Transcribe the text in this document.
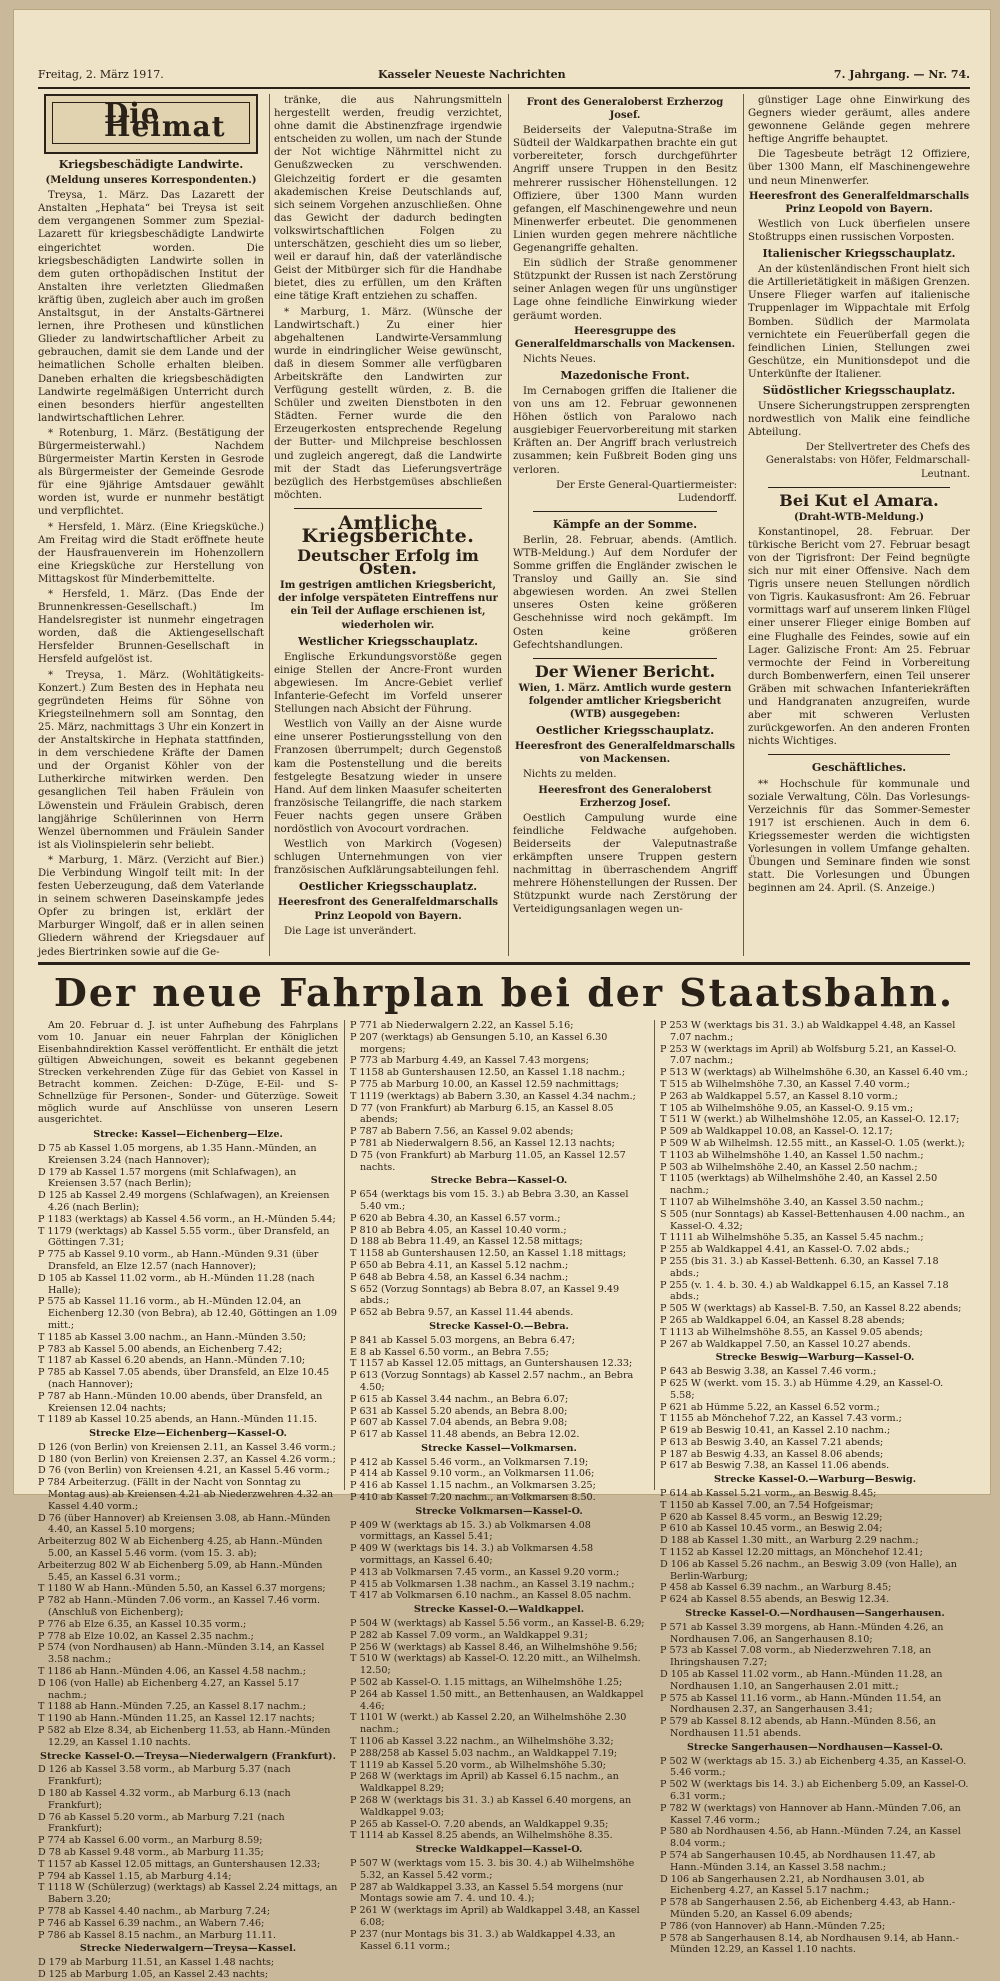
Freitag, 2. März 1917.	Kasseler Neueste Nachrichten	7. Jahrgang. — Nr. 74.
Die Heimat
Kriegsbeschädigte Landwirte.
(Meldung unseres Korrespondenten.)

Treysa, 1. März. Das Lazarett der Anstalten „Hephata“ bei Treysa ist seit dem vergangenen Sommer zum Spezial-Lazarett für kriegsbeschädigte Landwirte eingerichtet worden. Die kriegsbeschädigten Landwirte sollen in dem guten orthopädischen Institut der Anstalten ihre verletzten Gliedmaßen kräftig üben, zugleich aber auch im großen Anstaltsgut, in der Anstalts-Gärtnerei lernen, ihre Prothesen und künstlichen Glieder zu landwirtschaftlicher Arbeit zu gebrauchen, damit sie dem Lande und der heimatlichen Scholle erhalten bleiben. Daneben erhalten die kriegsbeschädigten Landwirte regelmäßigen Unterricht durch einen besonders hierfür angestellten landwirtschaftlichen Lehrer.

* Rotenburg, 1. März. (Bestätigung der Bürgermeisterwahl.) Nachdem Bürgermeister Martin Kersten in Gesrode als Bürgermeister der Gemeinde Gesrode für eine 9jährige Amtsdauer gewählt worden ist, wurde er nunmehr bestätigt und verpflichtet.

* Hersfeld, 1. März. (Eine Kriegsküche.) Am Freitag wird die Stadt eröffnete heute der Hausfrauenverein im Hohenzollern eine Kriegsküche zur Herstellung von Mittagskost für Minderbemittelte.

* Hersfeld, 1. März. (Das Ende der Brunnenkressen-Gesellschaft.) Im Handelsregister ist nunmehr eingetragen worden, daß die Aktiengesellschaft Hersfelder Brunnen-Gesellschaft in Hersfeld aufgelöst ist.

* Treysa, 1. März. (Wohltätigkeits-Konzert.) Zum Besten des in Hephata neu gegründeten Heims für Söhne von Kriegsteilnehmern soll am Sonntag, den 25. März, nachmittags 3 Uhr ein Konzert in der Anstaltskirche in Hephata stattfinden, in dem verschiedene Kräfte der Damen und der Organist Köhler von der Lutherkirche mitwirken werden. Den gesanglichen Teil haben Fräulein von Löwenstein und Fräulein Grabisch, deren langjährige Schülerinnen von Herrn Wenzel übernommen und Fräulein Sander ist als Violinspielerin sehr beliebt.

* Marburg, 1. März. (Verzicht auf Bier.) Die Verbindung Wingolf teilt mit: In der festen Ueberzeugung, daß dem Vaterlande in seinem schweren Daseinskampfe jedes Opfer zu bringen ist, erklärt der Marburger Wingolf, daß er in allen seinen Gliedern während der Kriegsdauer auf jedes Biertrinken sowie auf die Ge-

tränke, die aus Nahrungsmitteln hergestellt werden, freudig verzichtet, ohne damit die Abstinenzfrage irgendwie entscheiden zu wollen, um nach der Stunde der Not wichtige Nährmittel nicht zu Genußzwecken zu verschwenden. Gleichzeitig fordert er die gesamten akademischen Kreise Deutschlands auf, sich seinem Vorgehen anzuschließen. Ohne das Gewicht der dadurch bedingten volkswirtschaftlichen Folgen zu unterschätzen, geschieht dies um so lieber, weil er darauf hin, daß der vaterländische Geist der Mitbürger sich für die Handhabe bietet, dies zu erfüllen, um den Kräften eine tätige Kraft entziehen zu schaffen.

* Marburg, 1. März. (Wünsche der Landwirtschaft.) Zu einer hier abgehaltenen Landwirte-Versammlung wurde in eindringlicher Weise gewünscht, daß in diesem Sommer alle verfügbaren Arbeitskräfte den Landwirten zur Verfügung gestellt würden, z. B. die Schüler und zweiten Dienstboten in den Städten. Ferner wurde die den Erzeugerkosten entsprechende Regelung der Butter- und Milchpreise beschlossen und zugleich angeregt, daß die Landwirte mit der Stadt das Lieferungsverträge bezüglich des Herbstgemüses abschließen möchten.

Amtliche Kriegsberichte.
Deutscher Erfolg im Osten.
Im gestrigen amtlichen Kriegsbericht, der infolge verspäteten Eintreffens nur ein Teil der Auflage erschienen ist, wiederholen wir.
Westlicher Kriegsschauplatz.

Englische Erkundungsvorstöße gegen einige Stellen der Ancre-Front wurden abgewiesen. Im Ancre-Gebiet verlief Infanterie-Gefecht im Vorfeld unserer Stellungen nach Absicht der Führung.

Westlich von Vailly an der Aisne wurde eine unserer Postierungsstellung von den Franzosen überrumpelt; durch Gegenstoß kam die Postenstellung und die bereits festgelegte Besatzung wieder in unsere Hand. Auf dem linken Maasufer scheiterten französische Teilangriffe, die nach starkem Feuer nachts gegen unsere Gräben nordöstlich von Avocourt vordrachen.

Westlich von Markirch (Vogesen) schlugen Unternehmungen von vier französischen Aufklärungsabteilungen fehl.

Oestlicher Kriegsschauplatz.
Heeresfront des Generalfeldmarschalls Prinz Leopold von Bayern.

Die Lage ist unverändert.

Front des Generaloberst Erzherzog Josef.

Beiderseits der Valeputna-Straße im Südteil der Waldkarpathen brachte ein gut vorbereiteter, forsch durchgeführter Angriff unsere Truppen in den Besitz mehrerer russischer Höhenstellungen. 12 Offiziere, über 1300 Mann wurden gefangen, elf Maschinengewehre und neun Minenwerfer erbeutet. Die genommenen Linien wurden gegen mehrere nächtliche Gegenangriffe gehalten.

Ein südlich der Straße genommener Stützpunkt der Russen ist nach Zerstörung seiner Anlagen wegen für uns ungünstiger Lage ohne feindliche Einwirkung wieder geräumt worden.

Heeresgruppe des Generalfeldmarschalls von Mackensen.

Nichts Neues.

Mazedonische Front.

Im Cernabogen griffen die Italiener die von uns am 12. Februar gewonnenen Höhen östlich von Paralowo nach ausgiebiger Feuervorbereitung mit starken Kräften an. Der Angriff brach verlustreich zusammen; kein Fußbreit Boden ging uns verloren.

Der Erste General-Quartiermeister: Ludendorff.
Kämpfe an der Somme.

Berlin, 28. Februar, abends. (Amtlich. WTB-Meldung.) Auf dem Nordufer der Somme griffen die Engländer zwischen le Transloy und Gailly an. Sie sind abgewiesen worden. An zwei Stellen unseres Osten keine größeren Geschehnisse wird noch gekämpft. Im Osten keine größeren Gefechtshandlungen.

Der Wiener Bericht.
Wien, 1. März. Amtlich wurde gestern folgender amtlicher Kriegsbericht (WTB) ausgegeben:
Oestlicher Kriegsschauplatz.
Heeresfront des Generalfeldmarschalls von Mackensen.

Nichts zu melden.

Heeresfront des Generaloberst Erzherzog Josef.

Oestlich Campulung wurde eine feindliche Feldwache aufgehoben. Beiderseits der Valeputnastraße erkämpften unsere Truppen gestern nachmittag in überraschendem Angriff mehrere Höhenstellungen der Russen. Der Stützpunkt wurde nach Zerstörung der Verteidigungsanlagen wegen un-

günstiger Lage ohne Einwirkung des Gegners wieder geräumt, alles andere gewonnene Gelände gegen mehrere heftige Angriffe behauptet.

Die Tagesbeute beträgt 12 Offiziere, über 1300 Mann, elf Maschinengewehre und neun Minenwerfer.

Heeresfront des Generalfeldmarschalls Prinz Leopold von Bayern.

Westlich von Luck überfielen unsere Stoßtrupps einen russischen Vorposten.

Italienischer Kriegsschauplatz.

An der küstenländischen Front hielt sich die Artillerietätigkeit in mäßigen Grenzen. Unsere Flieger warfen auf italienische Truppenlager im Wippachtale mit Erfolg Bomben. Südlich der Marmolata vernichtete ein Feuerüberfall gegen die feindlichen Linien, Stellungen zwei Geschütze, ein Munitionsdepot und die Unterkünfte der Italiener.

Südöstlicher Kriegsschauplatz.

Unsere Sicherungstruppen zersprengten nordwestlich von Malik eine feindliche Abteilung.

Der Stellvertreter des Chefs des Generalstabs: von Höfer, Feldmarschall-Leutnant.
Bei Kut el Amara.
(Draht-WTB-Meldung.)

Konstantinopel, 28. Februar. Der türkische Bericht vom 27. Februar besagt von der Tigrisfront: Der Feind begnügte sich nur mit einer Offensive. Nach dem Tigris unsere neuen Stellungen nördlich von Tigris. Kaukasusfront: Am 26. Februar vormittags warf auf unserem linken Flügel einer unserer Flieger einige Bomben auf eine Flughalle des Feindes, sowie auf ein Lager. Galizische Front: Am 25. Februar vermochte der Feind in Vorbereitung durch Bombenwerfern, einen Teil unserer Gräben mit schwachen Infanteriekräften und Handgranaten anzugreifen, wurde aber mit schweren Verlusten zurückgeworfen. An den anderen Fronten nichts Wichtiges.

Geschäftliches.

** Hochschule für kommunale und soziale Verwaltung, Cöln. Das Vorlesungs-Verzeichnis für das Sommer-Semester 1917 ist erschienen. Auch in dem 6. Kriegssemester werden die wichtigsten Vorlesungen in vollem Umfange gehalten. Übungen und Seminare finden wie sonst statt. Die Vorlesungen und Übungen beginnen am 24. April. (S. Anzeige.)

Der neue Fahrplan bei der Staatsbahn.
Am 20. Februar d. J. ist unter Aufhebung des Fahrplans vom 10. Januar ein neuer Fahrplan der Königlichen Eisenbahndirektion Kassel veröffentlicht. Er enthält die jetzt gültigen Abweichungen, soweit es bekannt gegebenen Strecken verkehrenden Züge für das Gebiet von Kassel in Betracht kommen. Zeichen: D-Züge, E-Eil- und S-Schnellzüge für Personen-, Sonder- und Güterzüge. Soweit möglich wurde auf Anschlüsse von unseren Lesern ausgerichtet.
Strecke: Kassel—Eichenberg—Elze.
D 75 ab Kassel 1.05 morgens, ab 1.35 Hann.-Münden, an Kreiensen 3.24 (nach Hannover);
D 179 ab Kassel 1.57 morgens (mit Schlafwagen), an Kreiensen 3.57 (nach Berlin);
D 125 ab Kassel 2.49 morgens (Schlafwagen), an Kreiensen 4.26 (nach Berlin);
P 1183 (werktags) ab Kassel 4.56 vorm., an H.-Münden 5.44;
T 1179 (werktags) ab Kassel 5.55 vorm., über Dransfeld, an Göttingen 7.31;
P 775 ab Kassel 9.10 vorm., ab Hann.-Münden 9.31 (über Dransfeld, an Elze 12.57 (nach Hannover);
D 105 ab Kassel 11.02 vorm., ab H.-Münden 11.28 (nach Halle);
P 575 ab Kassel 11.16 vorm., ab H.-Münden 12.04, an Eichenberg 12.30 (von Bebra), ab 12.40, Göttingen an 1.09 mitt.;
T 1185 ab Kassel 3.00 nachm., an Hann.-Münden 3.50;
P 783 ab Kassel 5.00 abends, an Eichenberg 7.42;
T 1187 ab Kassel 6.20 abends, an Hann.-Münden 7.10;
P 785 ab Kassel 7.05 abends, über Dransfeld, an Elze 10.45 (nach Hannover);
P 787 ab Hann.-Münden 10.00 abends, über Dransfeld, an Kreiensen 12.04 nachts;
T 1189 ab Kassel 10.25 abends, an Hann.-Münden 11.15.
Strecke Elze—Eichenberg—Kassel-O.
D 126 (von Berlin) von Kreiensen 2.11, an Kassel 3.46 vorm.;
D 180 (von Berlin) von Kreiensen 2.37, an Kassel 4.26 vorm.;
D 76 (von Berlin) von Kreiensen 4.21, an Kassel 5.46 vorm.;
P 784 Arbeiterzug. (Fällt in der Nacht von Sonntag zu Montag aus) ab Kreiensen 4.21 ab Niederzwehren 4.32 an Kassel 4.40 vorm.;
D 76 (über Hannover) ab Kreiensen 3.08, ab Hann.-Münden 4.40, an Kassel 5.10 morgens;
Arbeiterzug 802 W ab Eichenberg 4.25, ab Hann.-Münden 5.00, an Kassel 5.46 vorm. (vom 15. 3. ab);
Arbeiterzug 802 W ab Eichenberg 5.09, ab Hann.-Münden 5.45, an Kassel 6.31 vorm.;
T 1180 W ab Hann.-Münden 5.50, an Kassel 6.37 morgens;
P 782 ab Hann.-Münden 7.06 vorm., an Kassel 7.46 vorm. (Anschluß von Eichenberg);
P 776 ab Elze 6.35, an Kassel 10.35 vorm.;
P 778 ab Elze 10.02, an Kassel 2.35 nachm.;
P 574 (von Nordhausen) ab Hann.-Münden 3.14, an Kassel 3.58 nachm.;
T 1186 ab Hann.-Münden 4.06, an Kassel 4.58 nachm.;
D 106 (von Halle) ab Eichenberg 4.27, an Kassel 5.17 nachm.;
T 1188 ab Hann.-Münden 7.25, an Kassel 8.17 nachm.;
T 1190 ab Hann.-Münden 11.25, an Kassel 12.17 nachts;
P 582 ab Elze 8.34, ab Eichenberg 11.53, ab Hann.-Münden 12.29, an Kassel 1.10 nachts.
Strecke Kassel-O.—Treysa—Niederwalgern (Frankfurt).
D 126 ab Kassel 3.58 vorm., ab Marburg 5.37 (nach Frankfurt);
D 180 ab Kassel 4.32 vorm., ab Marburg 6.13 (nach Frankfurt);
D 76 ab Kassel 5.20 vorm., ab Marburg 7.21 (nach Frankfurt);
P 774 ab Kassel 6.00 vorm., an Marburg 8.59;
D 78 ab Kassel 9.48 vorm., ab Marburg 11.35;
T 1157 ab Kassel 12.05 mittags, an Guntershausen 12.33;
P 794 ab Kassel 1.15, ab Marburg 4.14;
T 1118 W (Schülerzug) (werktags) ab Kassel 2.24 mittags, an Babern 3.20;
P 778 ab Kassel 4.40 nachm., ab Marburg 7.24;
P 746 ab Kassel 6.39 nachm., an Wabern 7.46;
P 786 ab Kassel 8.15 nachm., an Marburg 11.11.
Strecke Niederwalgern—Treysa—Kassel.
D 179 ab Marburg 11.51, an Kassel 1.48 nachts;
D 125 ab Marburg 1.05, an Kassel 2.43 nachts;
P 771 ab Niederwalgern 2.22, an Kassel 5.16;
P 207 (werktags) ab Gensungen 5.10, an Kassel 6.30 morgens;
P 773 ab Marburg 4.49, an Kassel 7.43 morgens;
T 1158 ab Guntershausen 12.50, an Kassel 1.18 nachm.;
P 775 ab Marburg 10.00, an Kassel 12.59 nachmittags;
T 1119 (werktags) ab Babern 3.30, an Kassel 4.34 nachm.;
D 77 (von Frankfurt) ab Marburg 6.15, an Kassel 8.05 abends;
P 787 ab Babern 7.56, an Kassel 9.02 abends;
P 781 ab Niederwalgern 8.56, an Kassel 12.13 nachts;
D 75 (von Frankfurt) ab Marburg 11.05, an Kassel 12.57 nachts.
Strecke Bebra—Kassel-O.
P 654 (werktags bis vom 15. 3.) ab Bebra 3.30, an Kassel 5.40 vm.;
P 620 ab Bebra 4.30, an Kassel 6.57 vorm.;
P 810 ab Bebra 4.05, an Kassel 10.40 vorm.;
D 188 ab Bebra 11.49, an Kassel 12.58 mittags;
T 1158 ab Guntershausen 12.50, an Kassel 1.18 mittags;
P 650 ab Bebra 4.11, an Kassel 5.12 nachm.;
P 648 ab Bebra 4.58, an Kassel 6.34 nachm.;
S 652 (Vorzug Sonntags) ab Bebra 8.07, an Kassel 9.49 abds.;
P 652 ab Bebra 9.57, an Kassel 11.44 abends.
Strecke Kassel-O.—Bebra.
P 841 ab Kassel 5.03 morgens, an Bebra 6.47;
E 8 ab Kassel 6.50 vorm., an Bebra 7.55;
T 1157 ab Kassel 12.05 mittags, an Guntershausen 12.33;
P 613 (Vorzug Sonntags) ab Kassel 2.57 nachm., an Bebra 4.50;
P 615 ab Kassel 3.44 nachm., an Bebra 6.07;
P 631 ab Kassel 5.20 abends, an Bebra 8.00;
P 607 ab Kassel 7.04 abends, an Bebra 9.08;
P 617 ab Kassel 11.48 abends, an Bebra 12.02.
Strecke Kassel—Volkmarsen.
P 412 ab Kassel 5.46 vorm., an Volkmarsen 7.19;
P 414 ab Kassel 9.10 vorm., an Volkmarsen 11.06;
P 416 ab Kassel 1.15 nachm., an Volkmarsen 3.25;
P 410 ab Kassel 7.20 nachm., an Volkmarsen 8.50.
Strecke Volkmarsen—Kassel-O.
P 409 W (werktags ab 15. 3.) ab Volkmarsen 4.08 vormittags, an Kassel 5.41;
P 409 W (werktags bis 14. 3.) ab Volkmarsen 4.58 vormittags, an Kassel 6.40;
P 413 ab Volkmarsen 7.45 vorm., an Kassel 9.20 vorm.;
P 415 ab Volkmarsen 1.38 nachm., an Kassel 3.19 nachm.;
T 417 ab Volkmarsen 6.10 nachm., an Kassel 8.05 nachm.
Strecke Kassel-O.—Waldkappel.
P 504 W (werktags) ab Kassel 5.56 vorm., an Kassel-B. 6.29;
P 282 ab Kassel 7.09 vorm., an Waldkappel 9.31;
P 256 W (werktags) ab Kassel 8.46, an Wilhelmshöhe 9.56;
T 510 W (werktags) ab Kassel-O. 12.20 mitt., an Wilhelmsh. 12.50;
P 502 ab Kassel-O. 1.15 mittags, an Wilhelmshöhe 1.25;
P 264 ab Kassel 1.50 mitt., an Bettenhausen, an Waldkappel 4.46;
T 1101 W (werkt.) ab Kassel 2.20, an Wilhelmshöhe 2.30 nachm.;
T 1106 ab Kassel 3.22 nachm., an Wilhelmshöhe 3.32;
P 288/258 ab Kassel 5.03 nachm., an Waldkappel 7.19;
T 1119 ab Kassel 5.20 vorm., ab Wilhelmshöhe 5.30;
P 268 W (werktags im April) ab Kassel 6.15 nachm., an Waldkappel 8.29;
P 268 W (werktags bis 31. 3.) ab Kassel 6.40 morgens, an Waldkappel 9.03;
P 265 ab Kassel-O. 7.20 abends, an Waldkappel 9.35;
T 1114 ab Kassel 8.25 abends, an Wilhelmshöhe 8.35.
Strecke Waldkappel—Kassel-O.
P 507 W (werktags vom 15. 3. bis 30. 4.) ab Wilhelmshöhe 5.32, an Kassel 5.42 vorm.;
P 287 ab Waldkappel 3.33, an Kassel 5.54 morgens (nur Montags sowie am 7. 4. und 10. 4.);
P 261 W (werktags im April) ab Waldkappel 3.48, an Kassel 6.08;
P 237 (nur Montags bis 31. 3.) ab Waldkappel 4.33, an Kassel 6.11 vorm.;
P 253 W (werktags bis 31. 3.) ab Waldkappel 4.48, an Kassel 7.07 nachm.;
P 253 W (werktags im April) ab Wolfsburg 5.21, an Kassel-O. 7.07 nachm.;
P 513 W (werktags) ab Wilhelmshöhe 6.30, an Kassel 6.40 vm.;
T 515 ab Wilhelmshöhe 7.30, an Kassel 7.40 vorm.;
P 263 ab Waldkappel 5.57, an Kassel 8.10 vorm.;
T 105 ab Wilhelmshöhe 9.05, an Kassel-O. 9.15 vm.;
T 511 W (werkt.) ab Wilhelmshöhe 12.05, an Kassel-O. 12.17;
P 509 ab Waldkappel 10.08, an Kassel-O. 12.17;
P 509 W ab Wilhelmsh. 12.55 mitt., an Kassel-O. 1.05 (werkt.);
T 1103 ab Wilhelmshöhe 1.40, an Kassel 1.50 nachm.;
P 503 ab Wilhelmshöhe 2.40, an Kassel 2.50 nachm.;
T 1105 (werktags) ab Wilhelmshöhe 2.40, an Kassel 2.50 nachm.;
T 1107 ab Wilhelmshöhe 3.40, an Kassel 3.50 nachm.;
S 505 (nur Sonntags) ab Kassel-Bettenhausen 4.00 nachm., an Kassel-O. 4.32;
T 1111 ab Wilhelmshöhe 5.35, an Kassel 5.45 nachm.;
P 255 ab Waldkappel 4.41, an Kassel-O. 7.02 abds.;
P 255 (bis 31. 3.) ab Kassel-Bettenh. 6.30, an Kassel 7.18 abds.;
P 255 (v. 1. 4. b. 30. 4.) ab Waldkappel 6.15, an Kassel 7.18 abds.;
P 505 W (werktags) ab Kassel-B. 7.50, an Kassel 8.22 abends;
P 265 ab Waldkappel 6.04, an Kassel 8.28 abends;
T 1113 ab Wilhelmshöhe 8.55, an Kassel 9.05 abends;
P 267 ab Waldkappel 7.50, an Kassel 10.27 abends.
Strecke Beswig—Warburg—Kassel-O.
P 643 ab Beswig 3.38, an Kassel 7.46 vorm.;
P 625 W (werkt. vom 15. 3.) ab Hümme 4.29, an Kassel-O. 5.58;
P 621 ab Hümme 5.22, an Kassel 6.52 vorm.;
T 1155 ab Mönchehof 7.22, an Kassel 7.43 vorm.;
P 619 ab Beswig 10.41, an Kassel 2.10 nachm.;
P 613 ab Beswig 3.40, an Kassel 7.21 abends;
P 187 ab Beswig 4.33, an Kassel 8.06 abends;
P 617 ab Beswig 7.38, an Kassel 11.06 abends.
Strecke Kassel-O.—Warburg—Beswig.
P 614 ab Kassel 5.21 vorm., an Beswig 8.45;
T 1150 ab Kassel 7.00, an 7.54 Hofgeismar;
P 620 ab Kassel 8.45 vorm., an Beswig 12.29;
P 610 ab Kassel 10.45 vorm., an Beswig 2.04;
D 188 ab Kassel 1.30 mitt., an Warburg 2.29 nachm.;
T 1152 ab Kassel 12.20 mittags, an Mönchehof 12.41;
D 106 ab Kassel 5.26 nachm., an Beswig 3.09 (von Halle), an Berlin-Warburg;
P 458 ab Kassel 6.39 nachm., an Warburg 8.45;
P 624 ab Kassel 8.55 abends, an Beswig 12.34.
Strecke Kassel-O.—Nordhausen—Sangerhausen.
P 571 ab Kassel 3.39 morgens, ab Hann.-Münden 4.26, an Nordhausen 7.06, an Sangerhausen 8.10;
P 573 ab Kassel 7.08 vorm., ab Niederzwehren 7.18, an Ihringshausen 7.27;
D 105 ab Kassel 11.02 vorm., ab Hann.-Münden 11.28, an Nordhausen 1.10, an Sangerhausen 2.01 mitt.;
P 575 ab Kassel 11.16 vorm., ab Hann.-Münden 11.54, an Nordhausen 2.37, an Sangerhausen 3.41;
P 579 ab Kassel 8.12 abends, ab Hann.-Münden 8.56, an Nordhausen 11.51 abends.
Strecke Sangerhausen—Nordhausen—Kassel-O.
P 502 W (werktags ab 15. 3.) ab Eichenberg 4.35, an Kassel-O. 5.46 vorm.;
P 502 W (werktags bis 14. 3.) ab Eichenberg 5.09, an Kassel-O. 6.31 vorm.;
P 782 W (werktags) von Hannover ab Hann.-Münden 7.06, an Kassel 7.46 vorm.;
P 580 ab Nordhausen 4.56, ab Hann.-Münden 7.24, an Kassel 8.04 vorm.;
P 574 ab Sangerhausen 10.45, ab Nordhausen 11.47, ab Hann.-Münden 3.14, an Kassel 3.58 nachm.;
D 106 ab Sangerhausen 2.21, ab Nordhausen 3.01, ab Eichenberg 4.27, an Kassel 5.17 nachm.;
P 578 ab Sangerhausen 2.56, ab Eichenberg 4.43, ab Hann.-Münden 5.20, an Kassel 6.09 abends;
P 786 (von Hannover) ab Hann.-Münden 7.25;
P 578 ab Sangerhausen 8.14, ab Nordhausen 9.14, ab Hann.-Münden 12.29, an Kassel 1.10 nachts.
